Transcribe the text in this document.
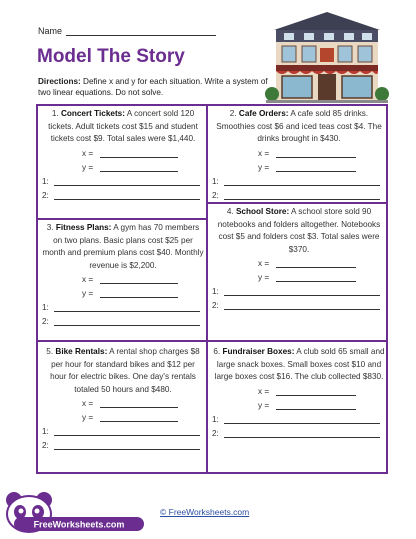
Name
Model The Story
Directions: Define x and y for each situation. Write a system of two linear equations. Do not solve.
1. Concert Tickets: A concert sold 120 tickets. Adult tickets cost $15 and student tickets cost $9. Total sales were $1,440.
x =
y =
1:
2:
2. Cafe Orders: A cafe sold 85 drinks. Smoothies cost $6 and iced teas cost $4. The drinks brought in $430.
x =
y =
1:
2:
3. Fitness Plans: A gym has 70 members on two plans. Basic plans cost $25 per month and premium plans cost $40. Monthly revenue is $2,200.
x =
y =
1:
2:
4. School Store: A school store sold 90 notebooks and folders altogether. Notebooks cost $5 and folders cost $3. Total sales were $370.
x =
y =
1:
2:
5. Bike Rentals: A rental shop charges $8 per hour for standard bikes and $12 per hour for electric bikes. One day's rentals totaled 50 hours and $480.
x =
y =
1:
2:
6. Fundraiser Boxes: A club sold 65 small and large snack boxes. Small boxes cost $10 and large boxes cost $16. The club collected $830.
x =
y =
1:
2:
FreeWorksheets.com
© FreeWorksheets.com
